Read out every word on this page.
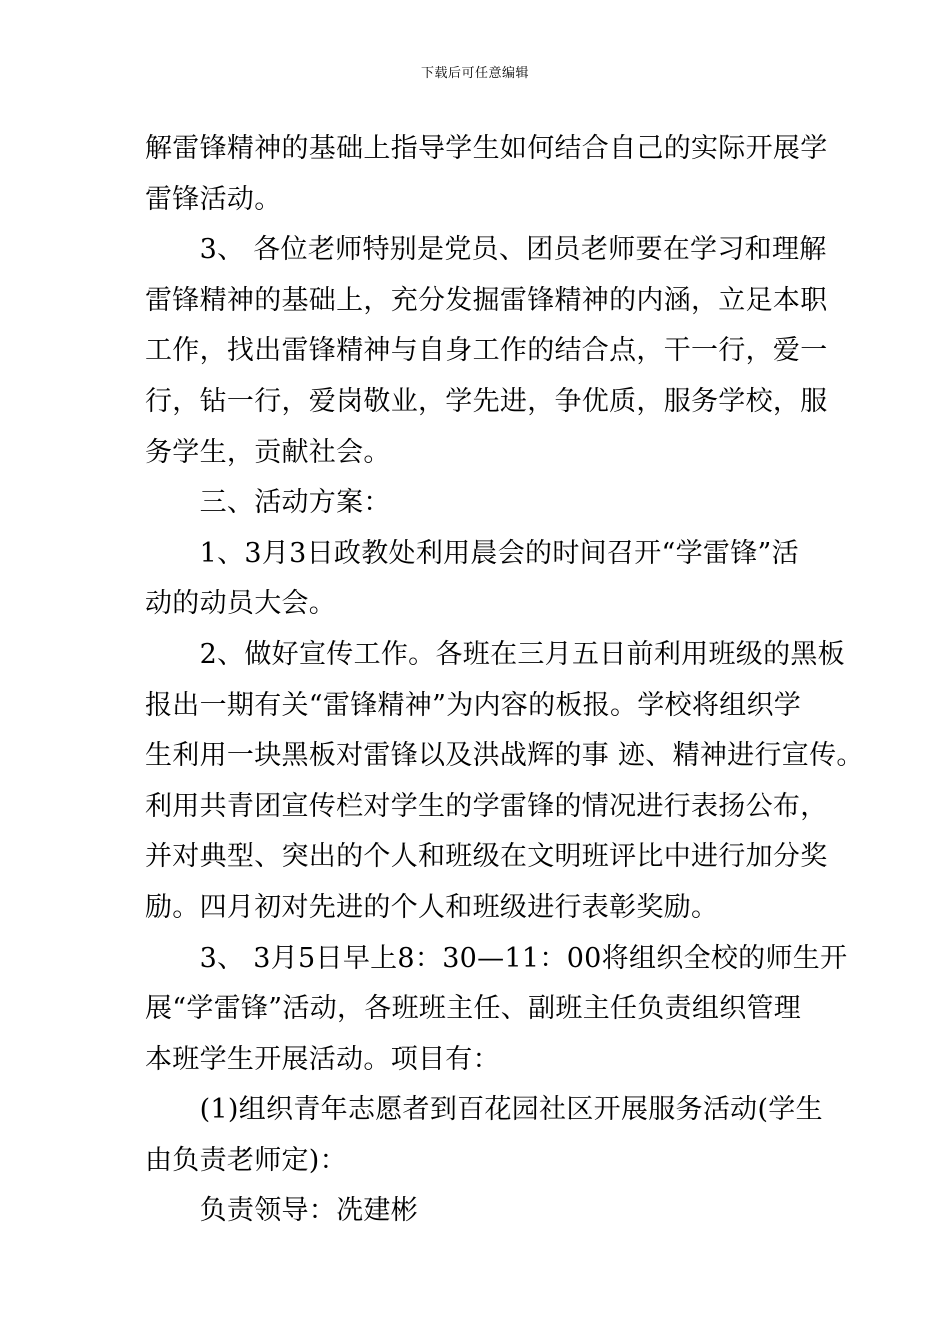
下载后可任意编辑
解雷锋精神的基础上指导学生如何结合自己的实际开展学
雷锋活动。
　　3、 各位老师特别是党员、团员老师要在学习和理解
雷锋精神的基础上，充分发掘雷锋精神的内涵，立足本职
工作，找出雷锋精神与自身工作的结合点，干一行，爱一
行，钻一行，爱岗敬业，学先进，争优质，服务学校，服
务学生，贡献社会。
　　三、活动方案：
　　1、3月3日政教处利用晨会的时间召开“学雷锋”活
动的动员大会。
　　2、做好宣传工作。各班在三月五日前利用班级的黑板
报出一期有关“雷锋精神”为内容的板报。学校将组织学
生利用一块黑板对雷锋以及洪战辉的事 迹、精神进行宣传。
利用共青团宣传栏对学生的学雷锋的情况进行表扬公布，
并对典型、突出的个人和班级在文明班评比中进行加分奖
励。四月初对先进的个人和班级进行表彰奖励。
　　3、 3月5日早上8：30—11：00将组织全校的师生开
展“学雷锋”活动，各班班主任、副班主任负责组织管理
本班学生开展活动。项目有：
　　(1)组织青年志愿者到百花园社区开展服务活动(学生
由负责老师定)：
　　负责领导：冼建彬
